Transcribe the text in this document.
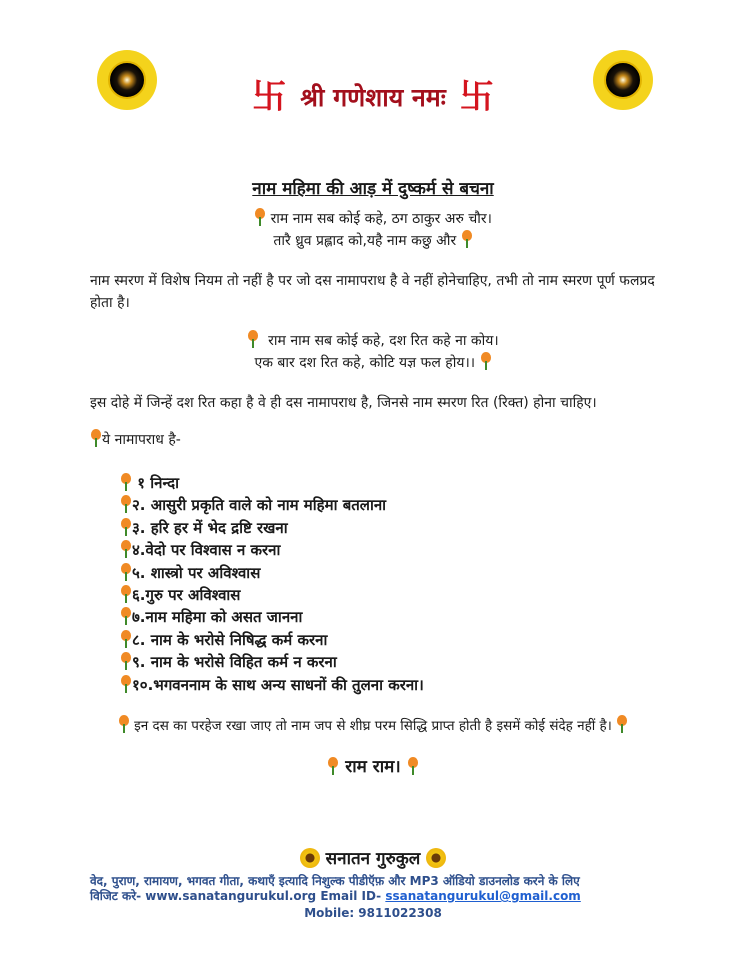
卐 श्री गणेशाय नमः 卐
नाम महिमा की आड़ में दुष्कर्म से बचना
राम नाम सब कोई कहे, ठग ठाकुर अरु चौर।
तारै ध्रुव प्रह्लाद को,यहै नाम कछु और
नाम स्मरण में विशेष नियम तो नहीं है पर जो दस नामापराध है वे नहीं होनेचाहिए, तभी तो नाम स्मरण पूर्ण फलप्रद होता है।
राम नाम सब कोई कहे, दश रित कहे ना कोय।
एक बार दश रित कहे, कोटि यज्ञ फल होय।।
इस दोहे में जिन्हें दश रित कहा है वे ही दस नामापराध है, जिनसे नाम स्मरण रित (रिक्त) होना चाहिए।
ये नामापराध है-
१ निन्दा
२. आसुरी प्रकृति वाले को नाम महिमा बतलाना
३. हरि हर में भेद द्रष्टि रखना
४.वेदो पर विश्वास न करना
५. शास्त्रो पर अविश्वास
६.गुरु पर अविश्वास
७.नाम महिमा को असत जानना
८. नाम के भरोसे निषिद्ध कर्म करना
९. नाम के भरोसे विहित कर्म न करना
१०.भगवननाम के साथ अन्य साधनों की तुलना करना।
इन दस का परहेज रखा जाए तो नाम जप से शीघ्र परम सिद्धि प्राप्त होती है इसमें कोई संदेह नहीं है।
राम राम।
सनातन गुरुकुल
वेद, पुराण, रामायण, भगवत गीता, कथाएँ इत्यादि निशुल्क पीडीऍफ़ और MP3 ऑडियो डाउनलोड करने के लिए
विजिट करे- www.sanatangurukul.org Email ID- ssanatangurukul@gmail.com
Mobile: 9811022308
